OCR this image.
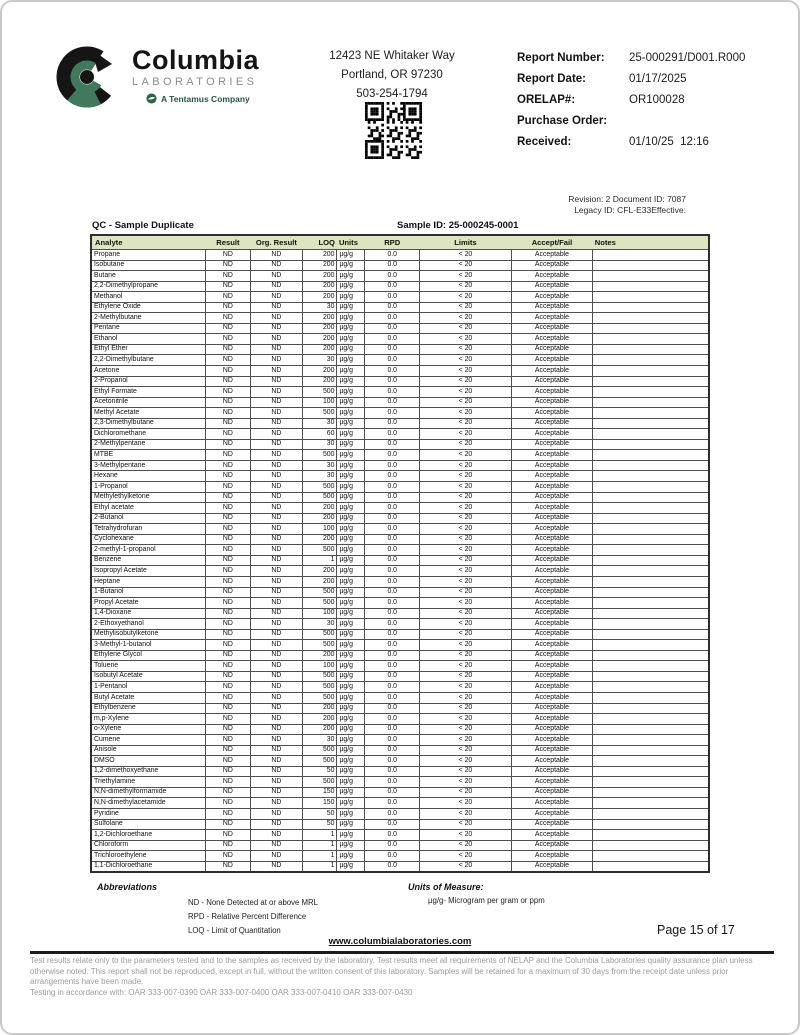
Columbia
LABORATORIES
A Tentamus Company
12423 NE Whitaker Way
Portland, OR 97230
503-254-1794
Report Number:	25-000291/D001.R000
Report Date:	01/17/2025
ORELAP#:	OR100028
Purchase Order:
Received:	01/10/25  12:16
Revision: 2 Document ID: 7087
Legacy ID: CFL-E33Effective:
QC - Sample Duplicate	Sample ID: 25-000245-0001
Analyte	Result	Org. Result	LOQ	Units	RPD	Limits	Accept/Fail	Notes
Propane	ND	ND	200	µg/g	0.0	< 20	Acceptable	
Isobutane	ND	ND	200	µg/g	0.0	< 20	Acceptable	
Butane	ND	ND	200	µg/g	0.0	< 20	Acceptable	
2,2-Dimethylpropane	ND	ND	200	µg/g	0.0	< 20	Acceptable	
Methanol	ND	ND	200	µg/g	0.0	< 20	Acceptable	
Ethylene Oxide	ND	ND	30	µg/g	0.0	< 20	Acceptable	
2-Methylbutane	ND	ND	200	µg/g	0.0	< 20	Acceptable	
Pentane	ND	ND	200	µg/g	0.0	< 20	Acceptable	
Ethanol	ND	ND	200	µg/g	0.0	< 20	Acceptable	
Ethyl Ether	ND	ND	200	µg/g	0.0	< 20	Acceptable	
2,2-Dimethylbutane	ND	ND	30	µg/g	0.0	< 20	Acceptable	
Acetone	ND	ND	200	µg/g	0.0	< 20	Acceptable	
2-Propanol	ND	ND	200	µg/g	0.0	< 20	Acceptable	
Ethyl Formate	ND	ND	500	µg/g	0.0	< 20	Acceptable	
Acetonitrile	ND	ND	100	µg/g	0.0	< 20	Acceptable	
Methyl Acetate	ND	ND	500	µg/g	0.0	< 20	Acceptable	
2,3-Dimethylbutane	ND	ND	30	µg/g	0.0	< 20	Acceptable	
Dichloromethane	ND	ND	60	µg/g	0.0	< 20	Acceptable	
2-Methylpentane	ND	ND	30	µg/g	0.0	< 20	Acceptable	
MTBE	ND	ND	500	µg/g	0.0	< 20	Acceptable	
3-Methylpentane	ND	ND	30	µg/g	0.0	< 20	Acceptable	
Hexane	ND	ND	30	µg/g	0.0	< 20	Acceptable	
1-Propanol	ND	ND	500	µg/g	0.0	< 20	Acceptable	
Methylethylketone	ND	ND	500	µg/g	0.0	< 20	Acceptable	
Ethyl acetate	ND	ND	200	µg/g	0.0	< 20	Acceptable	
2-Butanol	ND	ND	200	µg/g	0.0	< 20	Acceptable	
Tetrahydrofuran	ND	ND	100	µg/g	0.0	< 20	Acceptable	
Cyclohexane	ND	ND	200	µg/g	0.0	< 20	Acceptable	
2-methyl-1-propanol	ND	ND	500	µg/g	0.0	< 20	Acceptable	
Benzene	ND	ND	1	µg/g	0.0	< 20	Acceptable	
Isopropyl Acetate	ND	ND	200	µg/g	0.0	< 20	Acceptable	
Heptane	ND	ND	200	µg/g	0.0	< 20	Acceptable	
1-Butanol	ND	ND	500	µg/g	0.0	< 20	Acceptable	
Propyl Acetate	ND	ND	500	µg/g	0.0	< 20	Acceptable	
1,4-Dioxane	ND	ND	100	µg/g	0.0	< 20	Acceptable	
2-Ethoxyethanol	ND	ND	30	µg/g	0.0	< 20	Acceptable	
Methylisobutylketone	ND	ND	500	µg/g	0.0	< 20	Acceptable	
3-Methyl-1-butanol	ND	ND	500	µg/g	0.0	< 20	Acceptable	
Ethylene Glycol	ND	ND	200	µg/g	0.0	< 20	Acceptable	
Toluene	ND	ND	100	µg/g	0.0	< 20	Acceptable	
Isobutyl Acetate	ND	ND	500	µg/g	0.0	< 20	Acceptable	
1-Pentanol	ND	ND	500	µg/g	0.0	< 20	Acceptable	
Butyl Acetate	ND	ND	500	µg/g	0.0	< 20	Acceptable	
Ethylbenzene	ND	ND	200	µg/g	0.0	< 20	Acceptable	
m,p-Xylene	ND	ND	200	µg/g	0.0	< 20	Acceptable	
o-Xylene	ND	ND	200	µg/g	0.0	< 20	Acceptable	
Cumene	ND	ND	30	µg/g	0.0	< 20	Acceptable	
Anisole	ND	ND	500	µg/g	0.0	< 20	Acceptable	
DMSO	ND	ND	500	µg/g	0.0	< 20	Acceptable	
1,2-dimethoxyethane	ND	ND	50	µg/g	0.0	< 20	Acceptable	
Triethylamine	ND	ND	500	µg/g	0.0	< 20	Acceptable	
N,N-dimethylformamide	ND	ND	150	µg/g	0.0	< 20	Acceptable	
N,N-dimethylacetamide	ND	ND	150	µg/g	0.0	< 20	Acceptable	
Pyridine	ND	ND	50	µg/g	0.0	< 20	Acceptable	
Sulfolane	ND	ND	50	µg/g	0.0	< 20	Acceptable	
1,2-Dichloroethane	ND	ND	1	µg/g	0.0	< 20	Acceptable	
Chloroform	ND	ND	1	µg/g	0.0	< 20	Acceptable	
Trichloroethylene	ND	ND	1	µg/g	0.0	< 20	Acceptable	
1,1-Dichloroethane	ND	ND	1	µg/g	0.0	< 20	Acceptable	
Abbreviations
ND - None Detected at or above MRL
RPD - Relative Percent Difference
LOQ - Limit of Quantitation
Units of Measure:
µg/g- Microgram per gram or ppm
Page 15 of 17
www.columbialaboratories.com
Test results relate only to the parameters tested and to the samples as received by the laboratory. Test results meet all requirements of NELAP and the Columbia Laboratories quality assurance plan unless otherwise noted. This report shall not be reproduced, except in full, without the written consent of this laboratory. Samples will be retained for a maximum of 30 days from the receipt date unless prior arrangements have been made.
Testing in accordance with: OAR 333-007-0390 OAR 333-007-0400 OAR 333-007-0410 OAR 333-007-0430
